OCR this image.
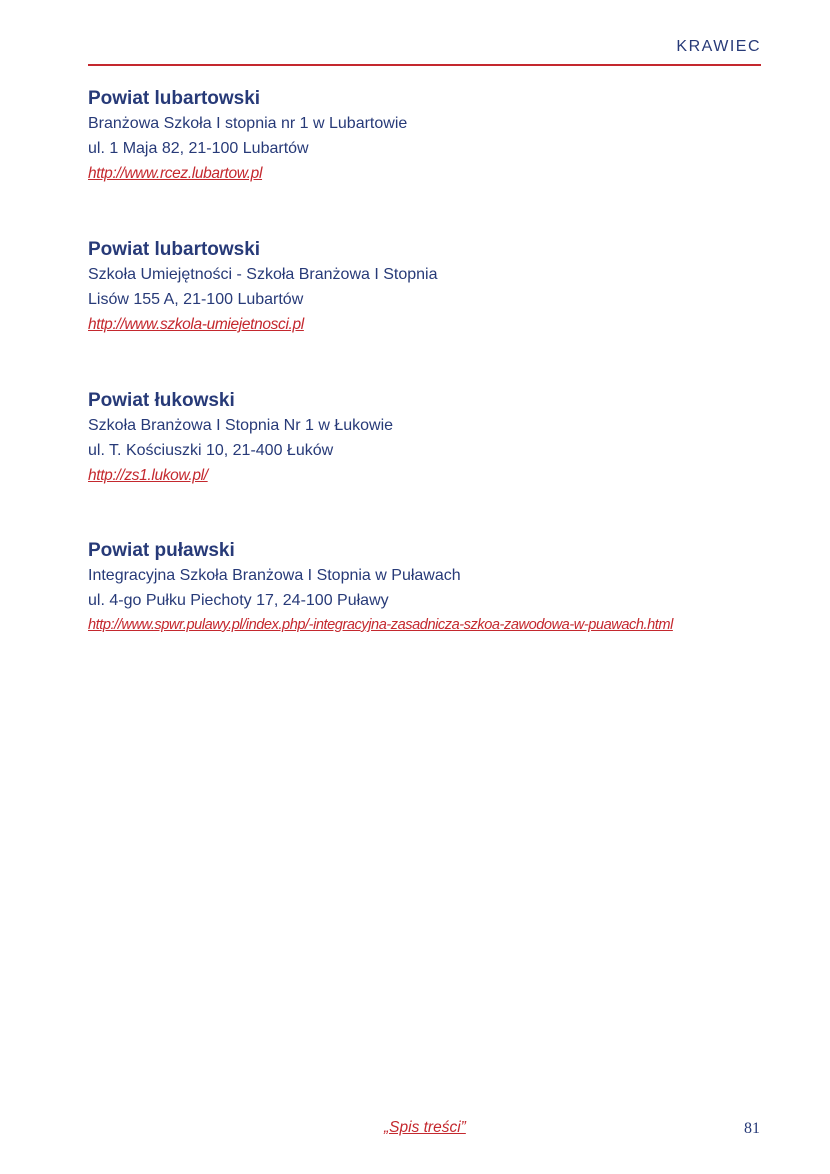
KRAWIEC
Powiat lubartowski
Branżowa Szkoła I stopnia nr 1 w Lubartowie
ul. 1 Maja 82, 21-100 Lubartów
http://www.rcez.lubartow.pl
Powiat lubartowski
Szkoła Umiejętności - Szkoła Branżowa I Stopnia
Lisów 155 A, 21-100 Lubartów
http://www.szkola-umiejetnosci.pl
Powiat łukowski
Szkoła Branżowa I Stopnia Nr 1 w Łukowie
ul. T. Kościuszki 10, 21-400 Łuków
http://zs1.lukow.pl/
Powiat puławski
Integracyjna Szkoła Branżowa I Stopnia w Puławach
ul. 4-go Pułku Piechoty 17, 24-100 Puławy
http://www.spwr.pulawy.pl/index.php/-integracyjna-zasadnicza-szkoa-zawodowa-w-puawach.html
„Spis treści”	81
